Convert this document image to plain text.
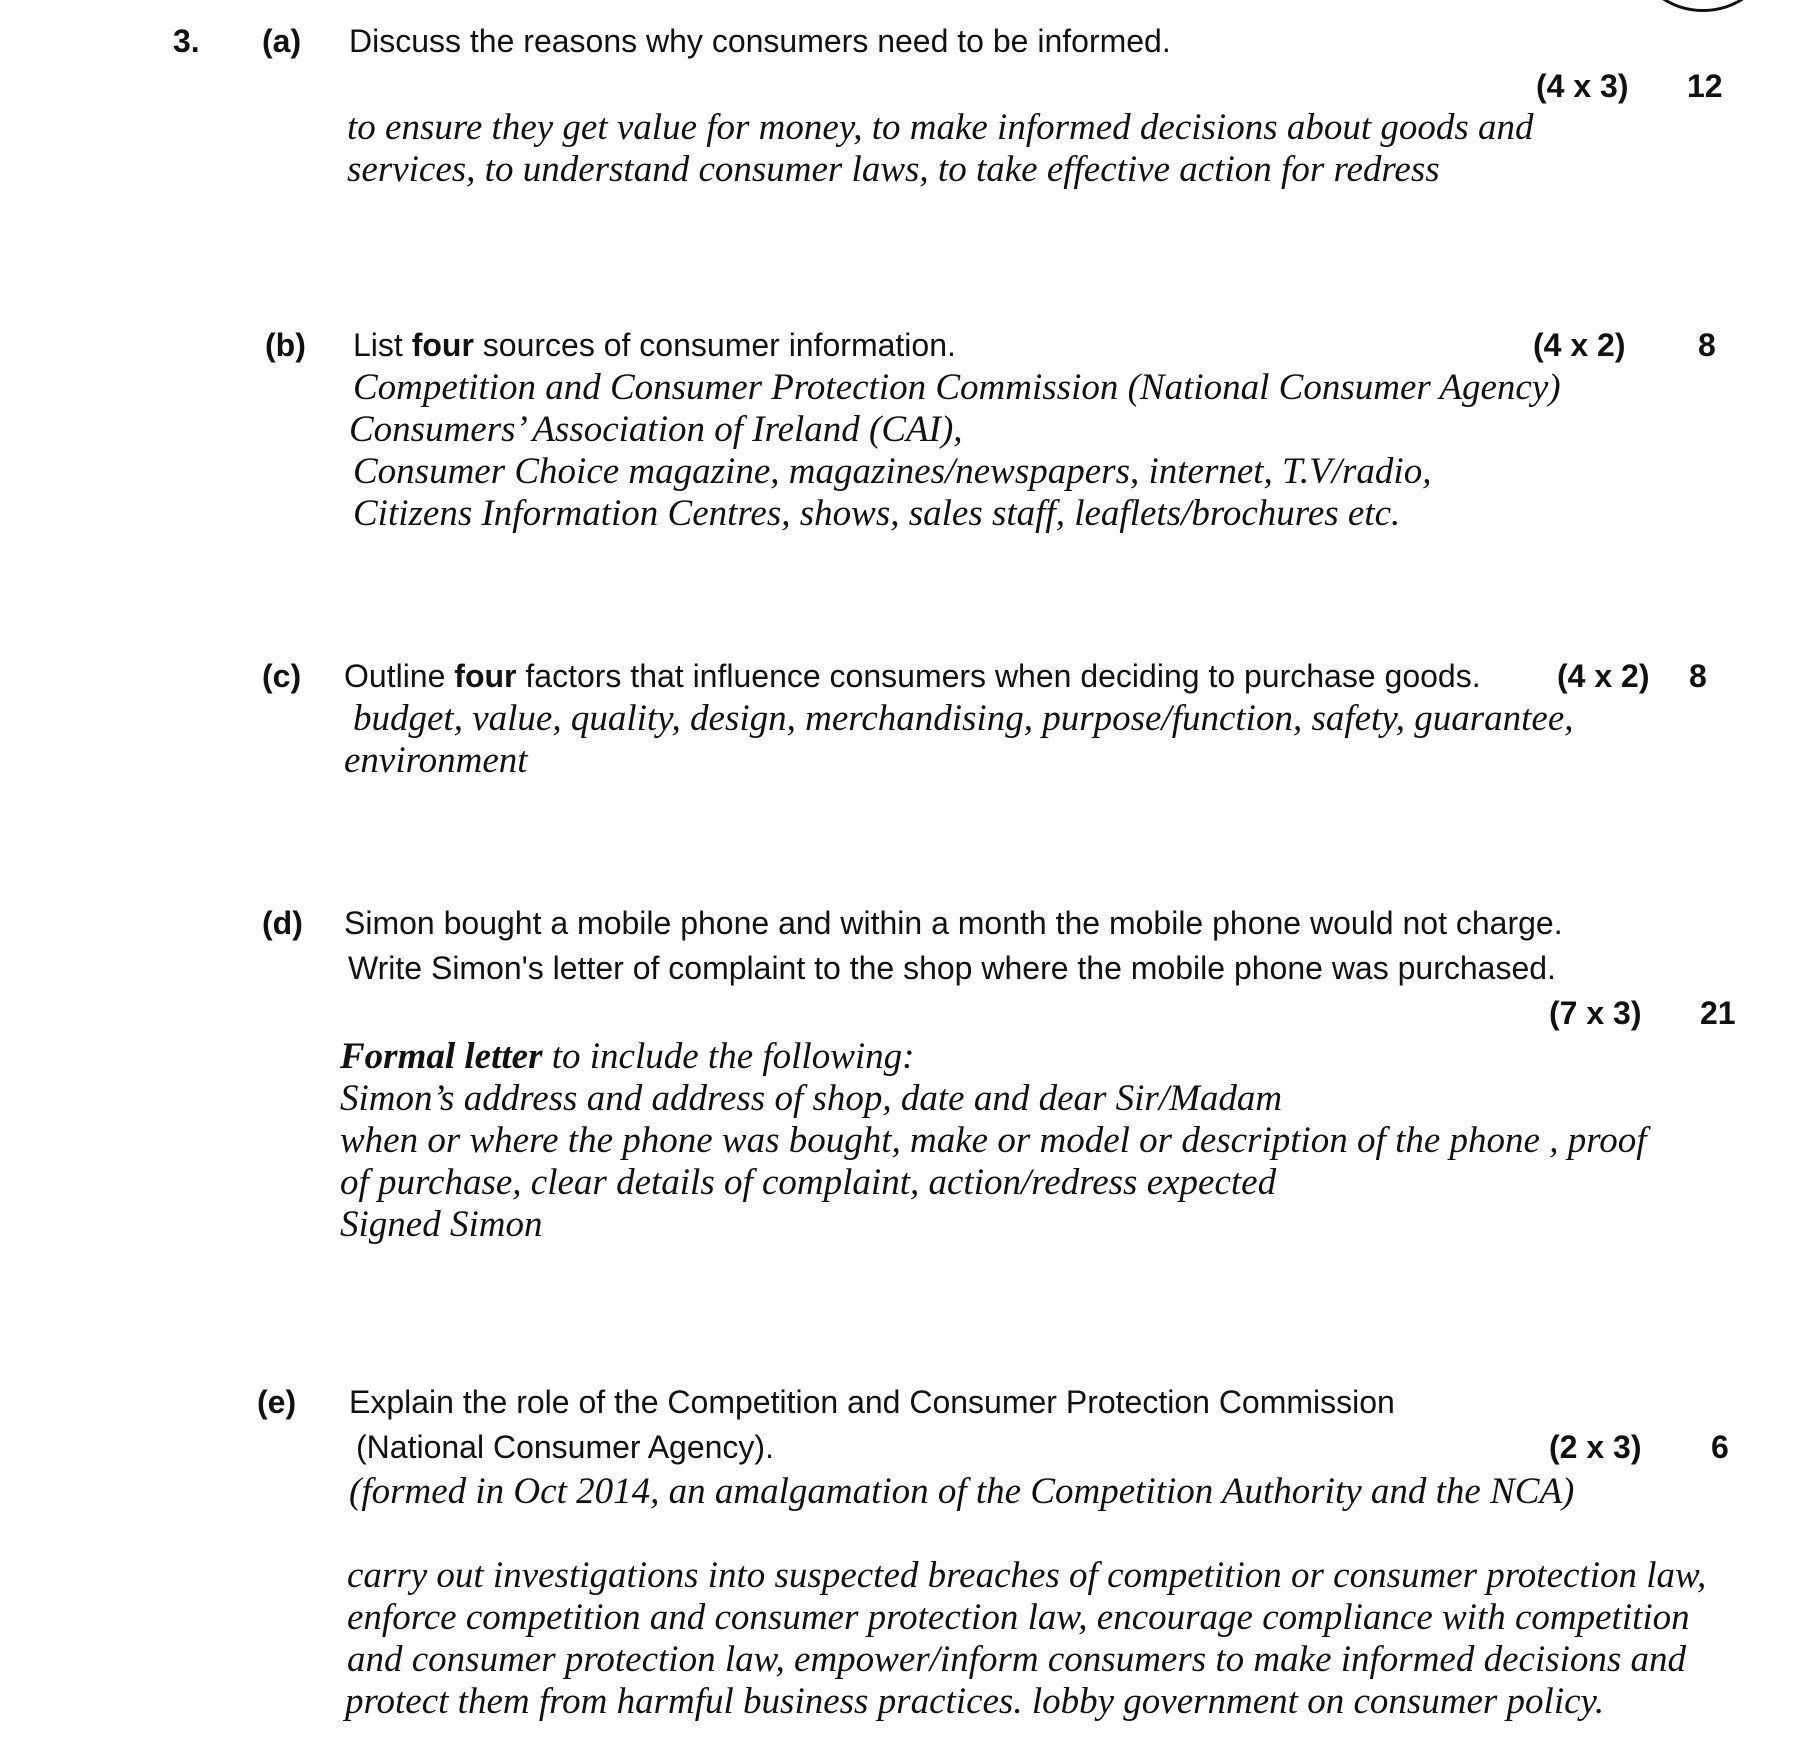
3. (a) Discuss the reasons why consumers need to be informed.
(4 x 3) 12
to ensure they get value for money, to make informed decisions about goods and
services, to understand consumer laws, to take effective action for redress
(b) List four sources of consumer information.	(4 x 2) 8
Competition and Consumer Protection Commission (National Consumer Agency)
Consumers’ Association of Ireland (CAI),
Consumer Choice magazine, magazines/newspapers, internet, T.V/radio,
Citizens Information Centres, shows, sales staff, leaflets/brochures etc.
(c) Outline four factors that influence consumers when deciding to purchase goods. (4 x 2) 8
budget, value, quality, design, merchandising, purpose/function, safety, guarantee,
environment
(d) Simon bought a mobile phone and within a month the mobile phone would not charge.
Write Simon's letter of complaint to the shop where the mobile phone was purchased.
(7 x 3) 21
Formal letter to include the following:
Simon’s address and address of shop, date and dear Sir/Madam
when or where the phone was bought, make or model or description of the phone , proof
of purchase, clear details of complaint, action/redress expected
Signed Simon
(e) Explain the role of the Competition and Consumer Protection Commission
(National Consumer Agency).	(2 x 3) 6
(formed in Oct 2014, an amalgamation of the Competition Authority and the NCA)
carry out investigations into suspected breaches of competition or consumer protection law,
enforce competition and consumer protection law, encourage compliance with competition
and consumer protection law, empower/inform consumers to make informed decisions and
protect them from harmful business practices. lobby government on consumer policy.
